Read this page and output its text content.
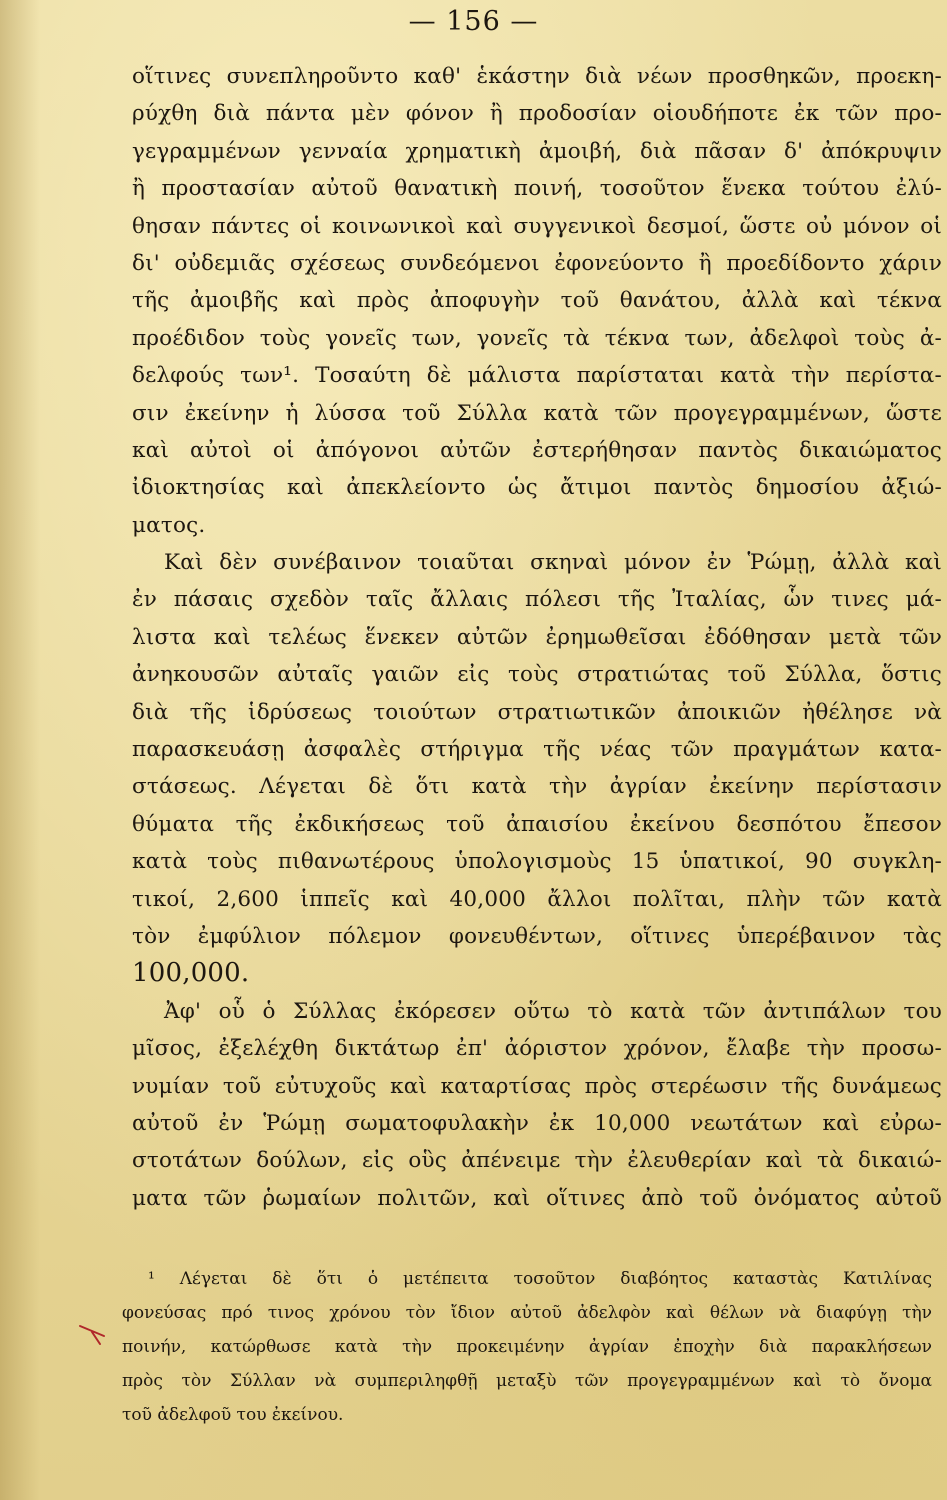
— 156 —
οἵτινες συνεπληροῦντο καθ' ἑκάστην διὰ νέων προσθηκῶν, προεκη-
ρύχθη διὰ πάντα μὲν φόνον ἢ προδοσίαν οἱουδήποτε ἐκ τῶν προ-
γεγραμμένων γενναία χρηματικὴ ἀμοιβή, διὰ πᾶσαν δ' ἀπόκρυψιν
ἢ προστασίαν αὐτοῦ θανατικὴ ποινή, τοσοῦτον ἕνεκα τούτου ἐλύ-
θησαν πάντες οἱ κοινωνικοὶ καὶ συγγενικοὶ δεσμοί, ὥστε οὐ μόνον οἱ
δι' οὐδεμιᾶς σχέσεως συνδεόμενοι ἐφονεύοντο ἢ προεδίδοντο χάριν
τῆς ἀμοιβῆς καὶ πρὸς ἀποφυγὴν τοῦ θανάτου, ἀλλὰ καὶ τέκνα
προέδιδον τοὺς γονεῖς των, γονεῖς τὰ τέκνα των, ἀδελφοὶ τοὺς ἀ-
δελφούς των¹. Τοσαύτη δὲ μάλιστα παρίσταται κατὰ τὴν περίστα-
σιν ἐκείνην ἡ λύσσα τοῦ Σύλλα κατὰ τῶν προγεγραμμένων, ὥστε
καὶ αὐτοὶ οἱ ἀπόγονοι αὐτῶν ἐστερήθησαν παντὸς δικαιώματος
ἰδιοκτησίας καὶ ἀπεκλείοντο ὡς ἄτιμοι παντὸς δημοσίου ἀξιώ-
ματος.
Καὶ δὲν συνέβαινον τοιαῦται σκηναὶ μόνον ἐν Ῥώμῃ, ἀλλὰ καὶ
ἐν πάσαις σχεδὸν ταῖς ἄλλαις πόλεσι τῆς Ἰταλίας, ὧν τινες μά-
λιστα καὶ τελέως ἕνεκεν αὐτῶν ἐρημωθεῖσαι ἐδόθησαν μετὰ τῶν
ἀνηκουσῶν αὐταῖς γαιῶν εἰς τοὺς στρατιώτας τοῦ Σύλλα, ὅστις
διὰ τῆς ἱδρύσεως τοιούτων στρατιωτικῶν ἀποικιῶν ἠθέλησε νὰ
παρασκευάσῃ ἀσφαλὲς στήριγμα τῆς νέας τῶν πραγμάτων κατα-
στάσεως. Λέγεται δὲ ὅτι κατὰ τὴν ἀγρίαν ἐκείνην περίστασιν
θύματα τῆς ἐκδικήσεως τοῦ ἀπαισίου ἐκείνου δεσπότου ἔπεσον
κατὰ τοὺς πιθανωτέρους ὑπολογισμοὺς 15 ὑπατικοί, 90 συγκλη-
τικοί, 2,600 ἱππεῖς καὶ 40,000 ἄλλοι πολῖται, πλὴν τῶν κατὰ
τὸν ἐμφύλιον πόλεμον φονευθέντων, οἵτινες ὑπερέβαινον τὰς
100,000.
Ἀφ' οὗ ὁ Σύλλας ἐκόρεσεν οὕτω τὸ κατὰ τῶν ἀντιπάλων του
μῖσος, ἐξελέχθη δικτάτωρ ἐπ' ἀόριστον χρόνον, ἔλαβε τὴν προσω-
νυμίαν τοῦ εὐτυχοῦς καὶ καταρτίσας πρὸς στερέωσιν τῆς δυνάμεως
αὐτοῦ ἐν Ῥώμῃ σωματοφυλακὴν ἐκ 10,000 νεωτάτων καὶ εὐρω-
στοτάτων δούλων, εἰς οὓς ἀπένειμε τὴν ἐλευθερίαν καὶ τὰ δικαιώ-
ματα τῶν ῥωμαίων πολιτῶν, καὶ οἵτινες ἀπὸ τοῦ ὀνόματος αὐτοῦ
¹ Λέγεται δὲ ὅτι ὁ μετέπειτα τοσοῦτον διαβόητος καταστὰς Κατιλίνας
φονεύσας πρό τινος χρόνου τὸν ἴδιον αὐτοῦ ἀδελφὸν καὶ θέλων νὰ διαφύγῃ τὴν
ποινήν, κατώρθωσε κατὰ τὴν προκειμένην ἀγρίαν ἐποχὴν διὰ παρακλήσεων
πρὸς τὸν Σύλλαν νὰ συμπεριληφθῇ μεταξὺ τῶν προγεγραμμένων καὶ τὸ ὄνομα
τοῦ ἀδελφοῦ του ἐκείνου.
